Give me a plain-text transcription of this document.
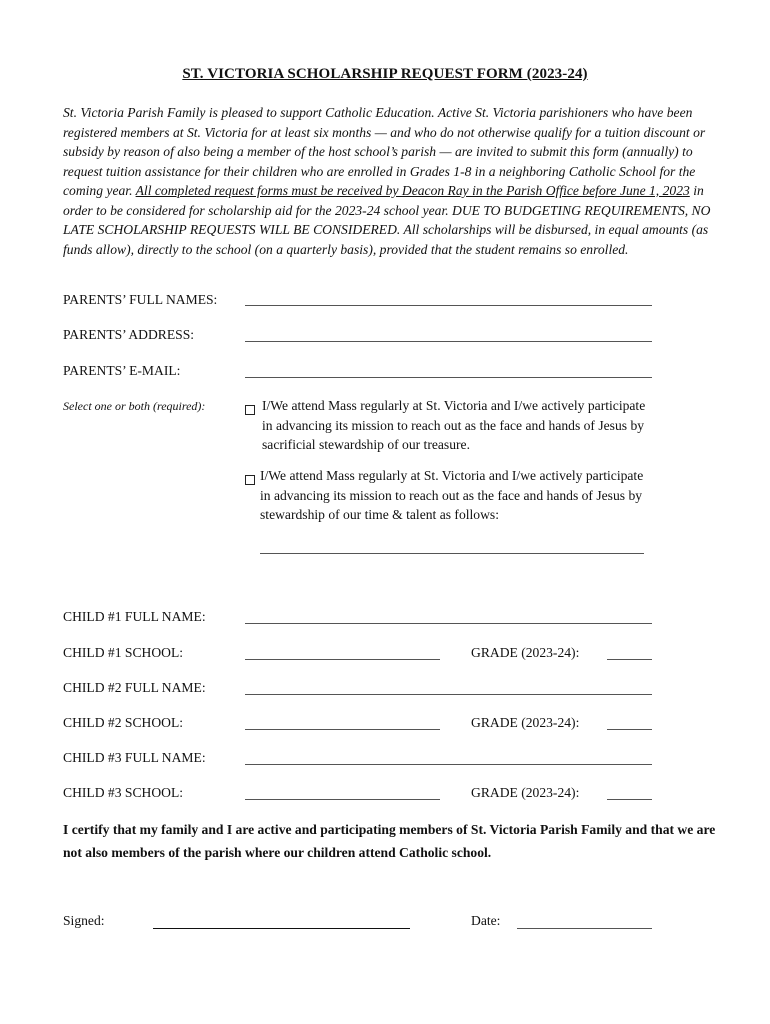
ST. VICTORIA SCHOLARSHIP REQUEST FORM (2023-24)
St. Victoria Parish Family is pleased to support Catholic Education. Active St. Victoria parishioners who have been registered members at St. Victoria for at least six months — and who do not otherwise qualify for a tuition discount or subsidy by reason of also being a member of the host school’s parish — are invited to submit this form (annually) to request tuition assistance for their children who are enrolled in Grades 1-8 in a neighboring Catholic School for the coming year. All completed request forms must be received by Deacon Ray in the Parish Office before June 1, 2023 in order to be considered for scholarship aid for the 2023-24 school year. DUE TO BUDGETING REQUIREMENTS, NO LATE SCHOLARSHIP REQUESTS WILL BE CONSIDERED. All scholarships will be disbursed, in equal amounts (as funds allow), directly to the school (on a quarterly basis), provided that the student remains so enrolled.
PARENTS’ FULL NAMES:
PARENTS’ ADDRESS:
PARENTS’ E-MAIL:
Select one or both (required):	I/We attend Mass regularly at St. Victoria and I/we actively participate in advancing its mission to reach out as the face and hands of Jesus by sacrificial stewardship of our treasure.
I/We attend Mass regularly at St. Victoria and I/we actively participate in advancing its mission to reach out as the face and hands of Jesus by stewardship of our time & talent as follows:
CHILD #1 FULL NAME:
CHILD #1 SCHOOL:	GRADE (2023-24):
CHILD #2 FULL NAME:
CHILD #2 SCHOOL:	GRADE (2023-24):
CHILD #3 FULL NAME:
CHILD #3 SCHOOL:	GRADE (2023-24):
I certify that my family and I are active and participating members of St. Victoria Parish Family and that we are not also members of the parish where our children attend Catholic school.
Signed:	Date:
